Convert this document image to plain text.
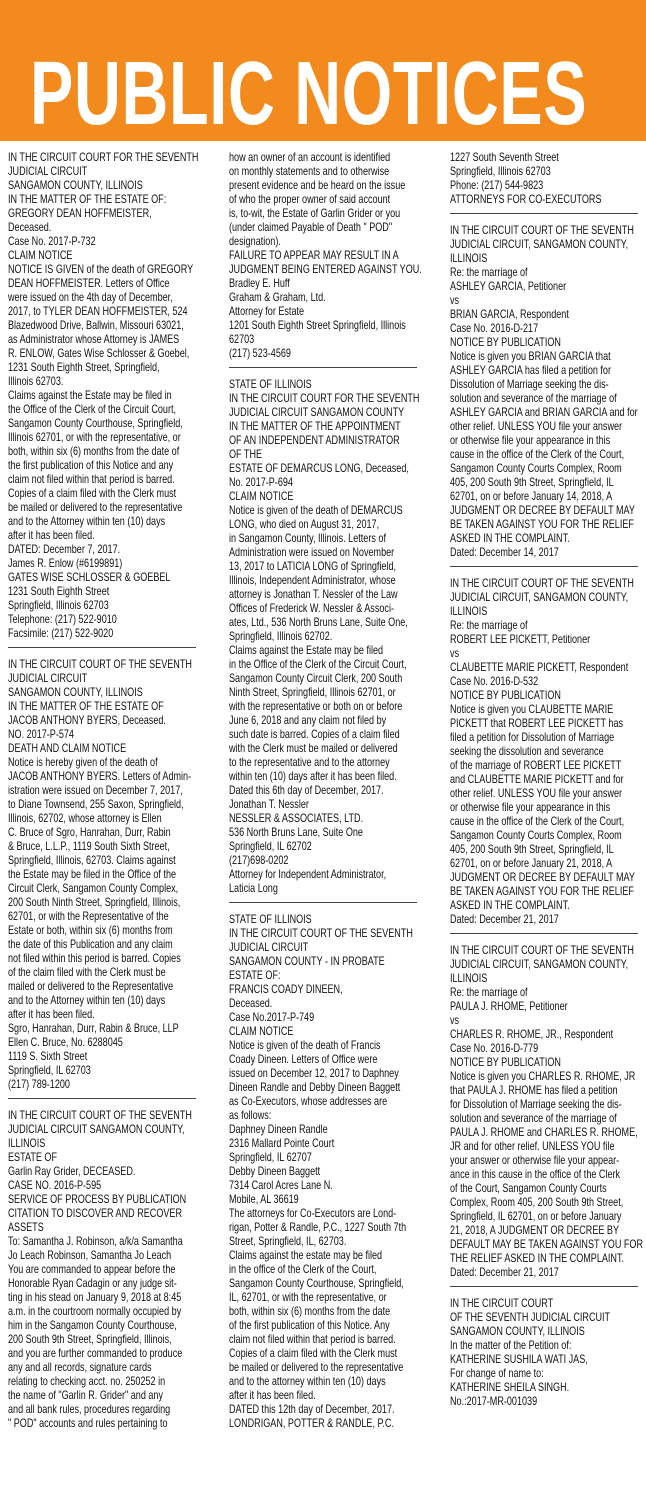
PUBLIC NOTICES
IN THE CIRCUIT COURT FOR THE SEVENTH
JUDICIAL CIRCUIT
SANGAMON COUNTY, ILLINOIS
IN THE MATTER OF THE ESTATE OF:
GREGORY DEAN HOFFMEISTER,
Deceased.
Case No. 2017-P-732
CLAIM NOTICE
NOTICE IS GIVEN of the death of GREGORY
DEAN HOFFMEISTER. Letters of Office
were issued on the 4th day of December,
2017, to TYLER DEAN HOFFMEISTER, 524
Blazedwood Drive, Ballwin, Missouri 63021,
as Administrator whose Attorney is JAMES
R. ENLOW, Gates Wise Schlosser & Goebel,
1231 South Eighth Street, Springfield,
Illinois 62703.
Claims against the Estate may be filed in
the Office of the Clerk of the Circuit Court,
Sangamon County Courthouse, Springfield,
Illinois 62701, or with the representative, or
both, within six (6) months from the date of
the first publication of this Notice and any
claim not filed within that period is barred.
Copies of a claim filed with the Clerk must
be mailed or delivered to the representative
and to the Attorney within ten (10) days
after it has been filed.
DATED: December 7, 2017.
James R. Enlow (#6199891)
GATES WISE SCHLOSSER & GOEBEL
1231 South Eighth Street
Springfield, Illinois 62703
Telephone: (217) 522-9010
Facsimile: (217) 522-9020
IN THE CIRCUIT COURT OF THE SEVENTH
JUDICIAL CIRCUIT
SANGAMON COUNTY, ILLINOIS
IN THE MATTER OF THE ESTATE OF
JACOB ANTHONY BYERS, Deceased.
NO. 2017-P-574
DEATH AND CLAIM NOTICE
Notice is hereby given of the death of
JACOB ANTHONY BYERS. Letters of Admin-
istration were issued on December 7, 2017,
to Diane Townsend, 255 Saxon, Springfield,
Illinois, 62702, whose attorney is Ellen
C. Bruce of Sgro, Hanrahan, Durr, Rabin
& Bruce, L.L.P., 1119 South Sixth Street,
Springfield, Illinois, 62703. Claims against
the Estate may be filed in the Office of the
Circuit Clerk, Sangamon County Complex,
200 South Ninth Street, Springfield, Illinois,
62701, or with the Representative of the
Estate or both, within six (6) months from
the date of this Publication and any claim
not filed within this period is barred. Copies
of the claim filed with the Clerk must be
mailed or delivered to the Representative
and to the Attorney within ten (10) days
after it has been filed.
Sgro, Hanrahan, Durr, Rabin & Bruce, LLP
Ellen C. Bruce, No. 6288045
1119 S. Sixth Street
Springfield, IL 62703
(217) 789-1200
IN THE CIRCUIT COURT OF THE SEVENTH
JUDICIAL CIRCUIT SANGAMON COUNTY,
ILLINOIS
ESTATE OF
Garlin Ray Grider, DECEASED.
CASE NO. 2016-P-595
SERVICE OF PROCESS BY PUBLICATION
CITATION TO DISCOVER AND RECOVER
ASSETS
To: Samantha J. Robinson, a/k/a Samantha
Jo Leach Robinson, Samantha Jo Leach
You are commanded to appear before the
Honorable Ryan Cadagin or any judge sit-
ting in his stead on January 9, 2018 at 8:45
a.m. in the courtroom normally occupied by
him in the Sangamon County Courthouse,
200 South 9th Street, Springfield, Illinois,
and you are further commanded to produce
any and all records, signature cards
relating to checking acct. no. 250252 in
the name of "Garlin R. Grider" and any
and all bank rules, procedures regarding
" POD" accounts and rules pertaining to
how an owner of an account is identified
on monthly statements and to otherwise
present evidence and be heard on the issue
of who the proper owner of said account
is, to-wit, the Estate of Garlin Grider or you
(under claimed Payable of Death " POD"
designation).
FAILURE TO APPEAR MAY RESULT IN A
JUDGMENT BEING ENTERED AGAINST YOU.
Bradley E. Huff
Graham & Graham, Ltd.
Attorney for Estate
1201 South Eighth Street Springfield, Illinois
62703
(217) 523-4569
STATE OF ILLINOIS
IN THE CIRCUIT COURT FOR THE SEVENTH
JUDICIAL CIRCUIT SANGAMON COUNTY
IN THE MATTER OF THE APPOINTMENT
OF AN INDEPENDENT ADMINISTRATOR
OF THE
ESTATE OF DEMARCUS LONG, Deceased,
No. 2017-P-694
CLAIM NOTICE
Notice is given of the death of DEMARCUS
LONG, who died on August 31, 2017,
in Sangamon County, Illinois. Letters of
Administration were issued on November
13, 2017 to LATICIA LONG of Springfield,
Illinois, Independent Administrator, whose
attorney is Jonathan T. Nessler of the Law
Offices of Frederick W. Nessler & Associ-
ates, Ltd., 536 North Bruns Lane, Suite One,
Springfield, Illinois 62702.
Claims against the Estate may be filed
in the Office of the Clerk of the Circuit Court,
Sangamon County Circuit Clerk, 200 South
Ninth Street, Springfield, Illinois 62701, or
with the representative or both on or before
June 6, 2018 and any claim not filed by
such date is barred. Copies of a claim filed
with the Clerk must be mailed or delivered
to the representative and to the attorney
within ten (10) days after it has been filed.
Dated this 6th day of December, 2017.
Jonathan T. Nessler
NESSLER & ASSOCIATES, LTD.
536 North Bruns Lane, Suite One
Springfield, IL 62702
(217)698-0202
Attorney for Independent Administrator,
Laticia Long
STATE OF ILLINOIS
IN THE CIRCUIT COURT OF THE SEVENTH
JUDICIAL CIRCUIT
SANGAMON COUNTY - IN PROBATE
ESTATE OF:
FRANCIS COADY DINEEN,
Deceased.
Case No.2017-P-749
CLAIM NOTICE
Notice is given of the death of Francis
Coady Dineen. Letters of Office were
issued on December 12, 2017 to Daphney
Dineen Randle and Debby Dineen Baggett
as Co-Executors, whose addresses are
as follows:
Daphney Dineen Randle
2316 Mallard Pointe Court
Springfield, IL 62707
Debby Dineen Baggett
7314 Carol Acres Lane N.
Mobile, AL 36619
The attorneys for Co-Executors are Lond-
rigan, Potter & Randle, P.C., 1227 South 7th
Street, Springfield, IL, 62703.
Claims against the estate may be filed
in the office of the Clerk of the Court,
Sangamon County Courthouse, Springfield,
IL, 62701, or with the representative, or
both, within six (6) months from the date
of the first publication of this Notice. Any
claim not filed within that period is barred.
Copies of a claim filed with the Clerk must
be mailed or delivered to the representative
and to the attorney within ten (10) days
after it has been filed.
DATED this 12th day of December, 2017.
LONDRIGAN, POTTER & RANDLE, P.C.
1227 South Seventh Street
Springfield, Illinois 62703
Phone: (217) 544-9823
ATTORNEYS FOR CO-EXECUTORS
IN THE CIRCUIT COURT OF THE SEVENTH
JUDICIAL CIRCUIT, SANGAMON COUNTY,
ILLINOIS
Re: the marriage of
ASHLEY GARCIA, Petitioner
vs
BRIAN GARCIA, Respondent
Case No. 2016-D-217
NOTICE BY PUBLICATION
Notice is given you BRIAN GARCIA that
ASHLEY GARCIA has filed a petition for
Dissolution of Marriage seeking the dis-
solution and severance of the marriage of
ASHLEY GARCIA and BRIAN GARCIA and for
other relief. UNLESS YOU file your answer
or otherwise file your appearance in this
cause in the office of the Clerk of the Court,
Sangamon County Courts Complex, Room
405, 200 South 9th Street, Springfield, IL
62701, on or before January 14, 2018, A
JUDGMENT OR DECREE BY DEFAULT MAY
BE TAKEN AGAINST YOU FOR THE RELIEF
ASKED IN THE COMPLAINT.
Dated: December 14, 2017
IN THE CIRCUIT COURT OF THE SEVENTH
JUDICIAL CIRCUIT, SANGAMON COUNTY,
ILLINOIS
Re: the marriage of
ROBERT LEE PICKETT, Petitioner
vs
CLAUBETTE MARIE PICKETT, Respondent
Case No. 2016-D-532
NOTICE BY PUBLICATION
Notice is given you CLAUBETTE MARIE
PICKETT that ROBERT LEE PICKETT has
filed a petition for Dissolution of Marriage
seeking the dissolution and severance
of the marriage of ROBERT LEE PICKETT
and CLAUBETTE MARIE PICKETT and for
other relief. UNLESS YOU file your answer
or otherwise file your appearance in this
cause in the office of the Clerk of the Court,
Sangamon County Courts Complex, Room
405, 200 South 9th Street, Springfield, IL
62701, on or before January 21, 2018, A
JUDGMENT OR DECREE BY DEFAULT MAY
BE TAKEN AGAINST YOU FOR THE RELIEF
ASKED IN THE COMPLAINT.
Dated: December 21, 2017
IN THE CIRCUIT COURT OF THE SEVENTH
JUDICIAL CIRCUIT, SANGAMON COUNTY,
ILLINOIS
Re: the marriage of
PAULA J. RHOME, Petitioner
vs
CHARLES R. RHOME, JR., Respondent
Case No. 2016-D-779
NOTICE BY PUBLICATION
Notice is given you CHARLES R. RHOME, JR
that PAULA J. RHOME has filed a petition
for Dissolution of Marriage seeking the dis-
solution and severance of the marriage of
PAULA J. RHOME and CHARLES R. RHOME,
JR and for other relief. UNLESS YOU file
your answer or otherwise file your appear-
ance in this cause in the office of the Clerk
of the Court, Sangamon County Courts
Complex, Room 405, 200 South 9th Street,
Springfield, IL 62701, on or before January
21, 2018, A JUDGMENT OR DECREE BY
DEFAULT MAY BE TAKEN AGAINST YOU FOR
THE RELIEF ASKED IN THE COMPLAINT.
Dated: December 21, 2017
IN THE CIRCUIT COURT
OF THE SEVENTH JUDICIAL CIRCUIT
SANGAMON COUNTY, ILLINOIS
In the matter of the Petition of:
KATHERINE SUSHILA WATI JAS,
For change of name to:
KATHERINE SHEILA SINGH.
No.:2017-MR-001039
